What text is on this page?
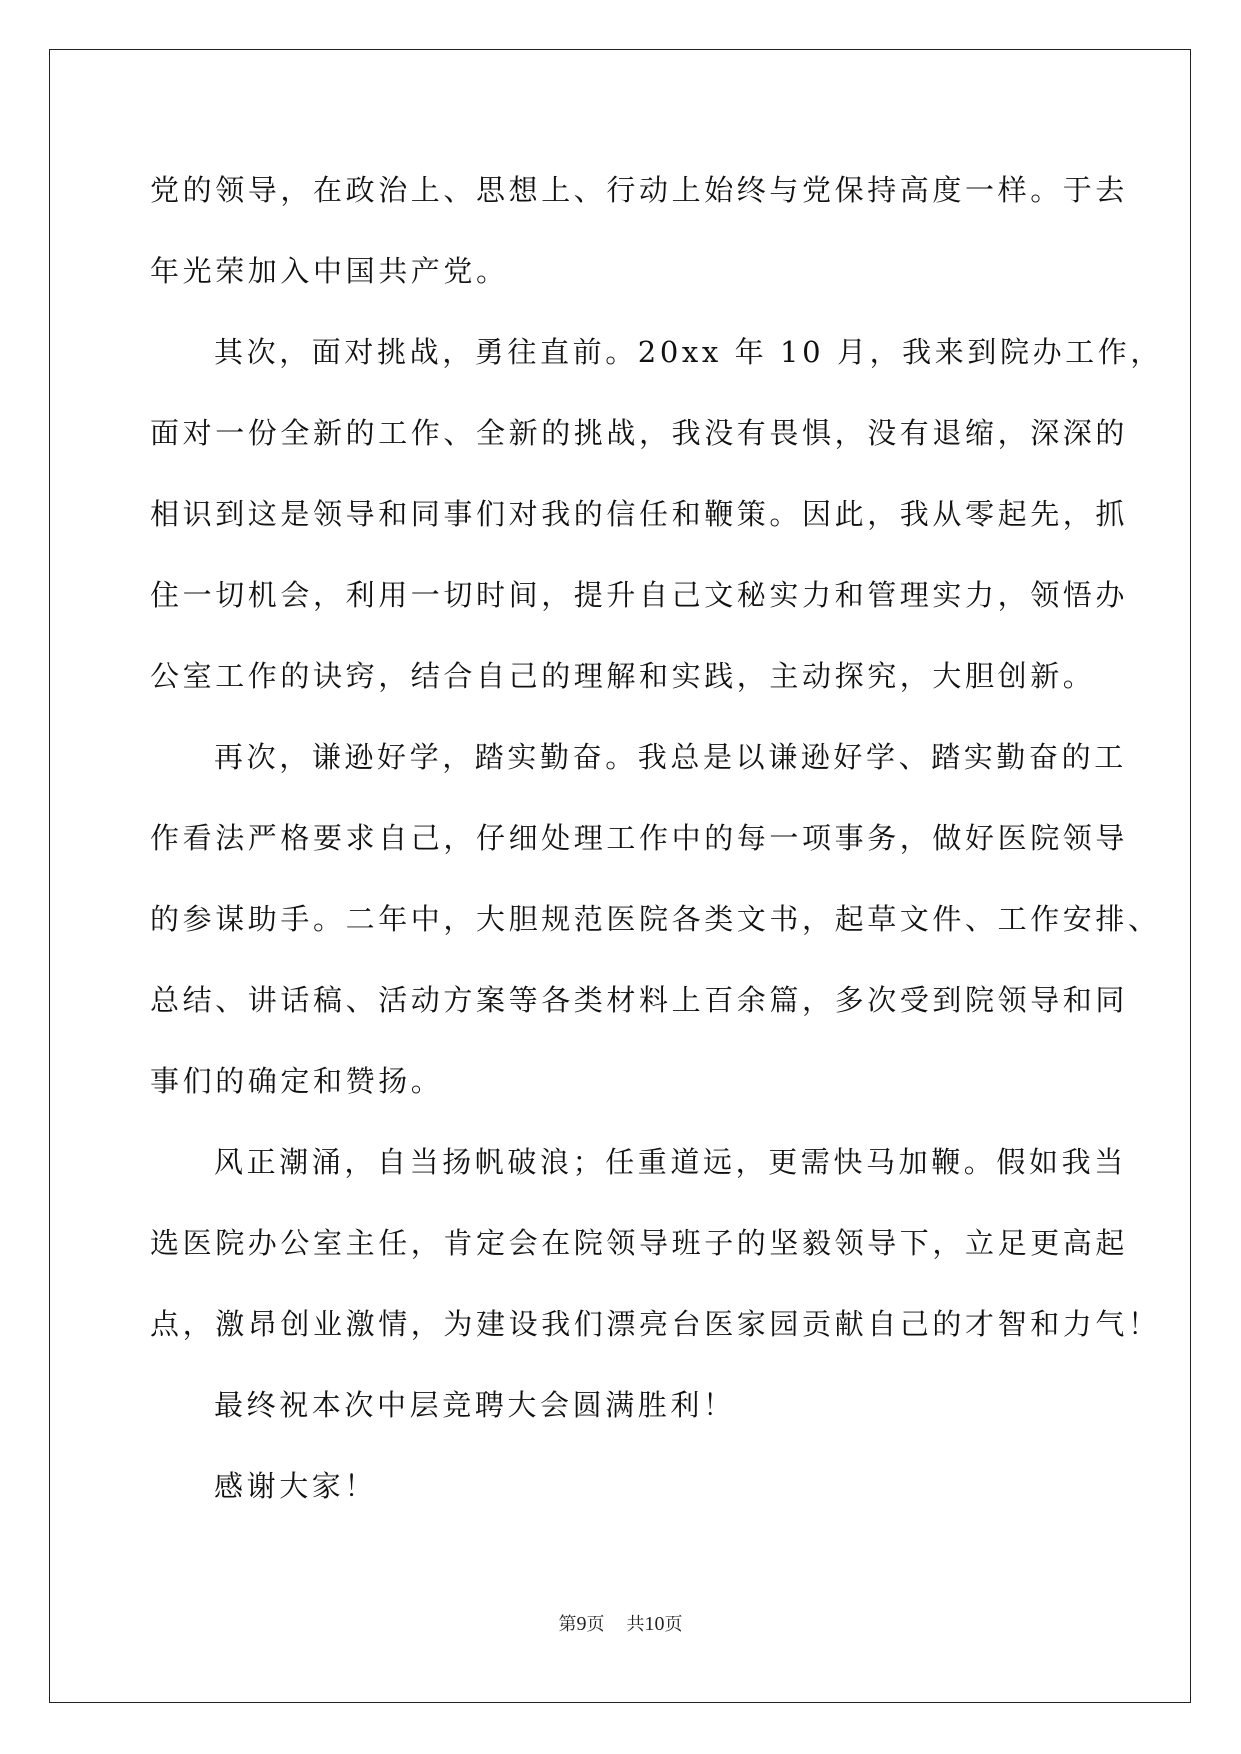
党的领导，在政治上、思想上、行动上始终与党保持高度一样。于去
年光荣加入中国共产党。
其次，面对挑战，勇往直前。20xx 年 10 月，我来到院办工作，
面对一份全新的工作、全新的挑战，我没有畏惧，没有退缩，深深的
相识到这是领导和同事们对我的信任和鞭策。因此，我从零起先，抓
住一切机会，利用一切时间，提升自己文秘实力和管理实力，领悟办
公室工作的诀窍，结合自己的理解和实践，主动探究，大胆创新。
再次，谦逊好学，踏实勤奋。我总是以谦逊好学、踏实勤奋的工
作看法严格要求自己，仔细处理工作中的每一项事务，做好医院领导
的参谋助手。二年中，大胆规范医院各类文书，起草文件、工作安排、
总结、讲话稿、活动方案等各类材料上百余篇，多次受到院领导和同
事们的确定和赞扬。
风正潮涌，自当扬帆破浪；任重道远，更需快马加鞭。假如我当
选医院办公室主任，肯定会在院领导班子的坚毅领导下，立足更高起
点，激昂创业激情，为建设我们漂亮台医家园贡献自己的才智和力气！
最终祝本次中层竞聘大会圆满胜利！
感谢大家！
第9页 共10页
